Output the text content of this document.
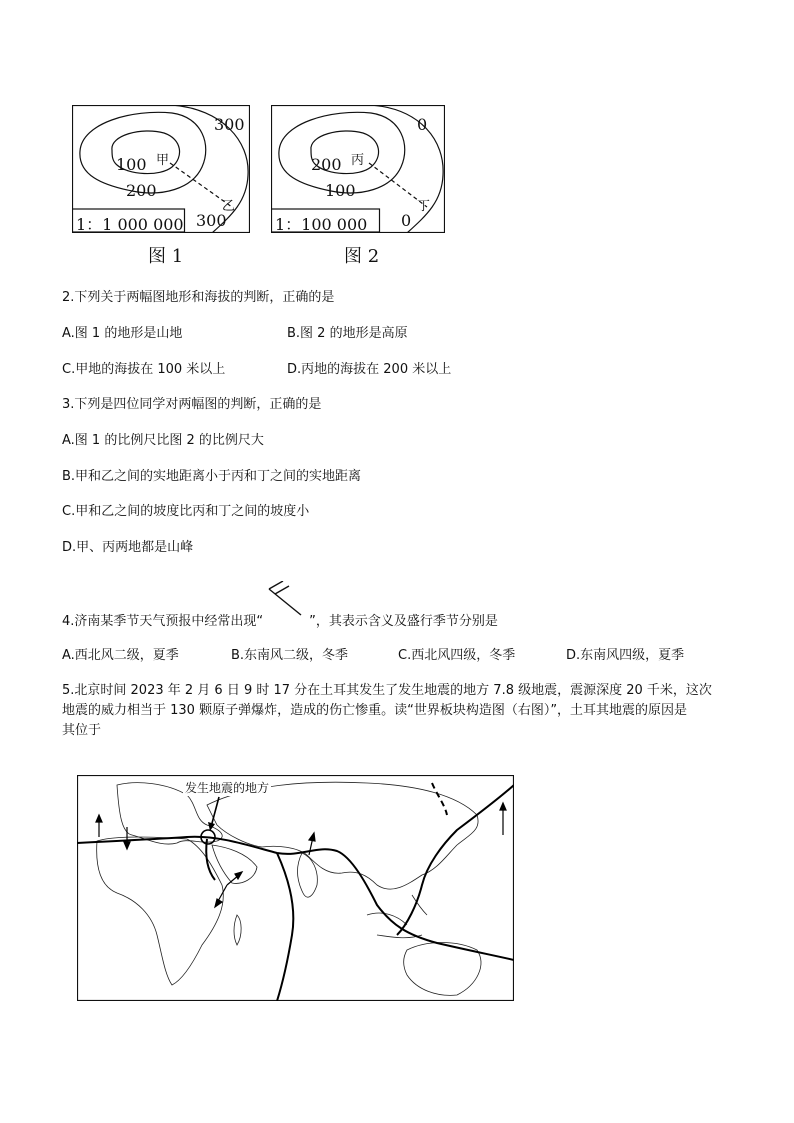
300
100 甲
200
乙
300
1：1 000 000
图 1
0
200 丙
100
丁
0
1：100 000
图 2
2.下列关于两幅图地形和海拔的判断，正确的是
A.图 1 的地形是山地	B.图 2 的地形是高原
C.甲地的海拔在 100 米以上	D.丙地的海拔在 200 米以上
3.下列是四位同学对两幅图的判断，正确的是
A.图 1 的比例尺比图 2 的比例尺大
B.甲和乙之间的实地距离小于丙和丁之间的实地距离
C.甲和乙之间的坡度比丙和丁之间的坡度小
D.甲、丙两地都是山峰
4.济南某季节天气预报中经常出现“	”，其表示含义及盛行季节分别是
A.西北风二级，夏季	B.东南风二级，冬季	C.西北风四级，冬季	D.东南风四级，夏季
5.北京时间 2023 年 2 月 6 日 9 时 17 分在土耳其发生了发生地震的地方 7.8 级地震，震源深度 20 千米，这次
地震的威力相当于 130 颗原子弹爆炸，造成的伤亡惨重。读“世界板块构造图（右图）”，土耳其地震的原因是
其位于
发生地震的地方
